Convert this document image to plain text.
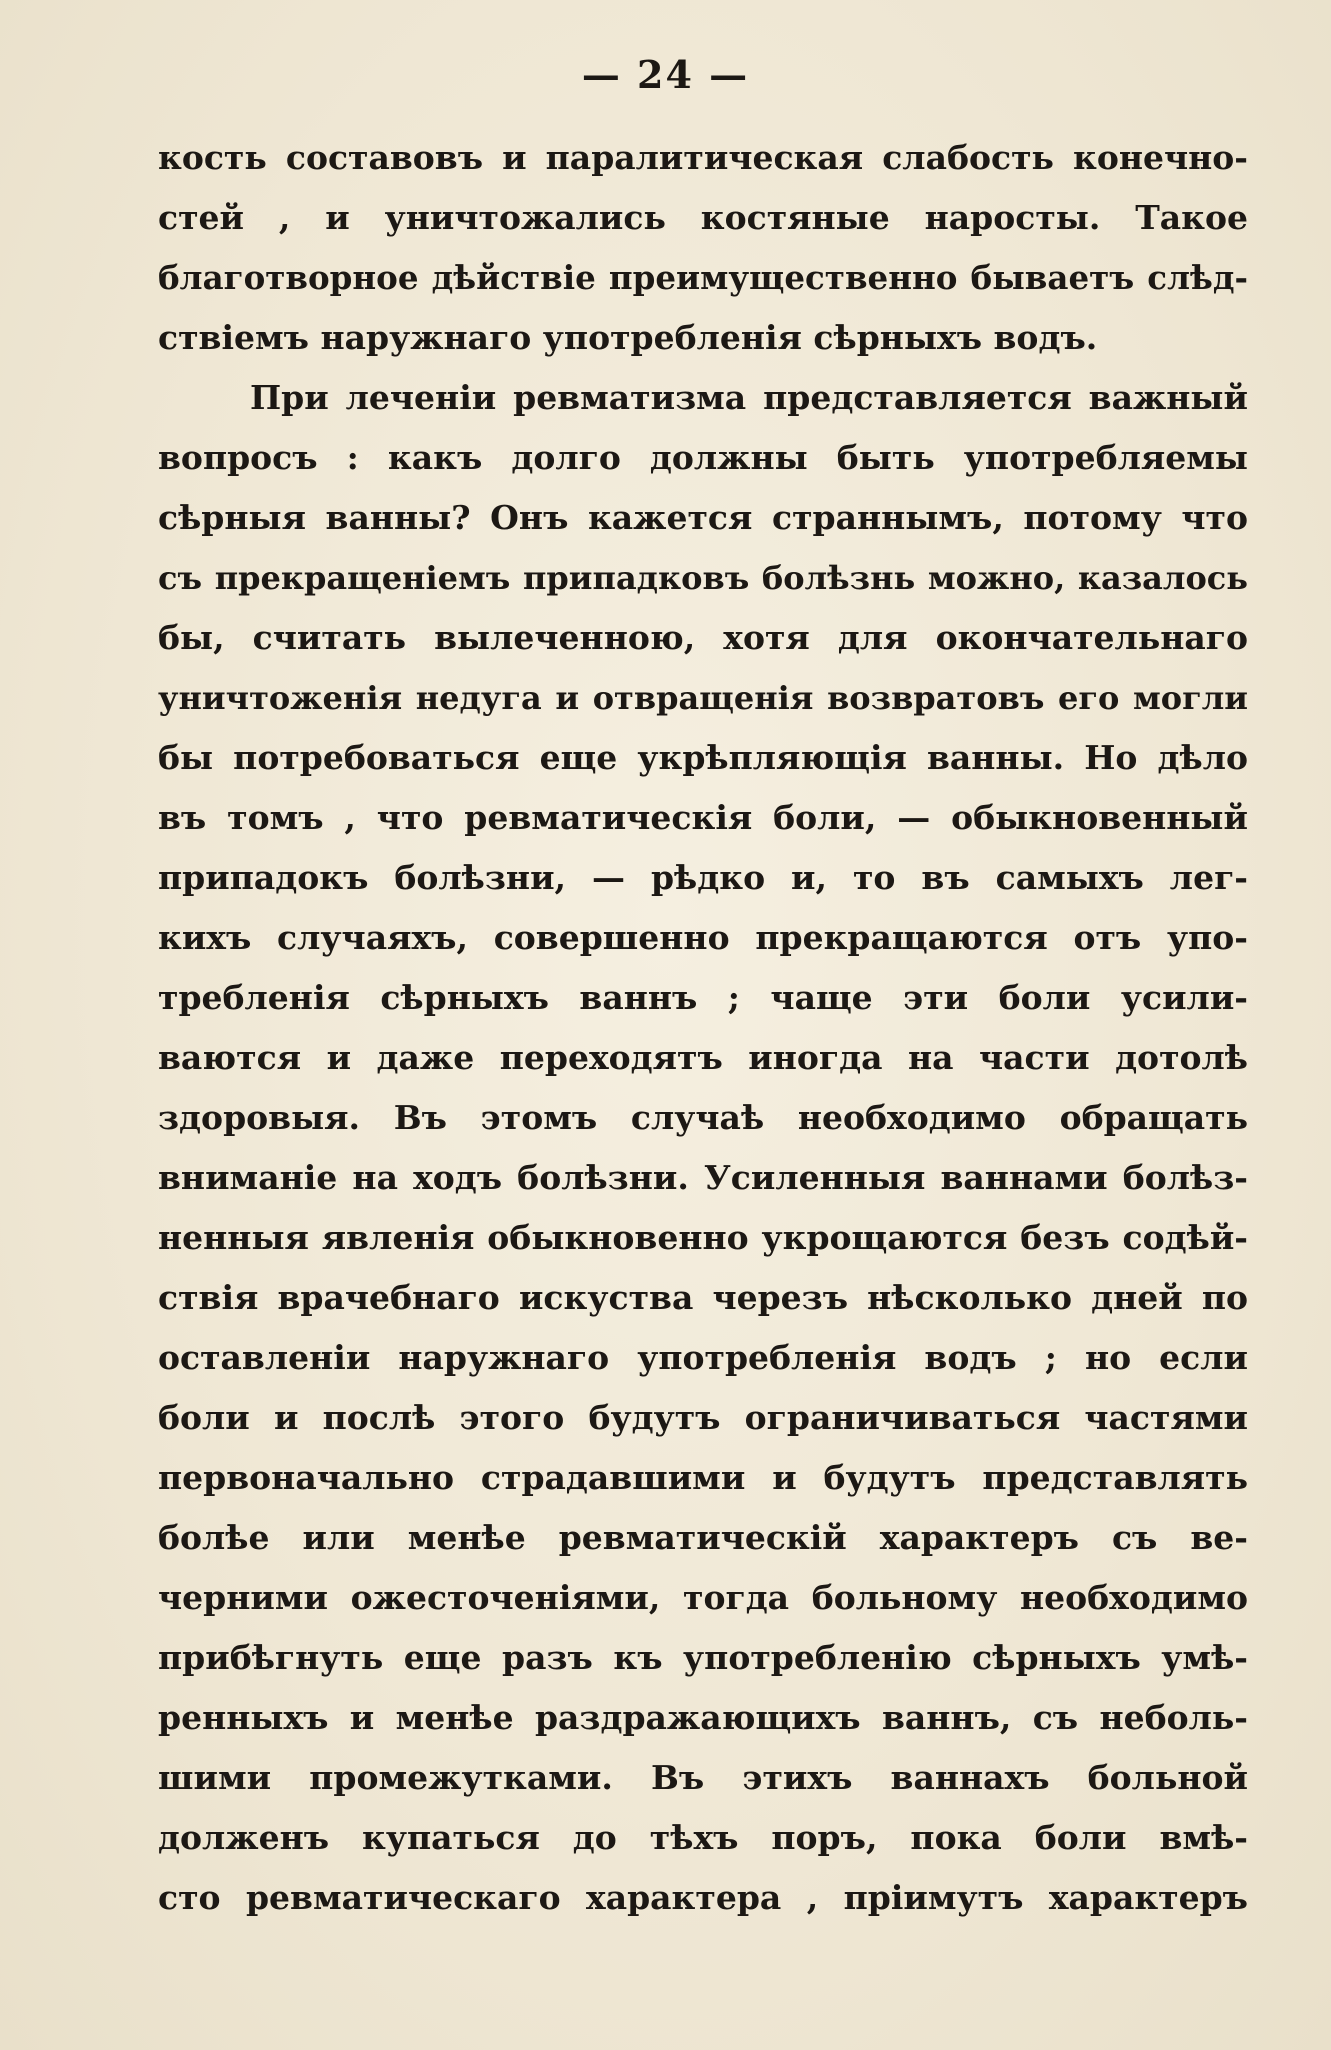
— 24 —
кость составовъ и паралитическая слабость конечно-
стей , и уничтожались костяные наросты. Такое
благотворное дѣйствіе преимущественно бываетъ слѣд-
ствіемъ наружнаго употребленія сѣрныхъ водъ.
При леченіи ревматизма представляется важный
вопросъ : какъ долго должны быть употребляемы
сѣрныя ванны? Онъ кажется страннымъ, потому что
съ прекращеніемъ припадковъ болѣзнь можно, казалось
бы, считать вылеченною, хотя для окончательнаго
уничтоженія недуга и отвращенія возвратовъ его могли
бы потребоваться еще укрѣпляющія ванны. Но дѣло
въ томъ , что ревматическія боли, — обыкновенный
припадокъ болѣзни, — рѣдко и, то въ самыхъ лег-
кихъ случаяхъ, совершенно прекращаются отъ упо-
требленія сѣрныхъ ваннъ ; чаще эти боли усили-
ваются и даже переходятъ иногда на части дотолѣ
здоровыя. Въ этомъ случаѣ необходимо обращать
вниманіе на ходъ болѣзни. Усиленныя ваннами болѣз-
ненныя явленія обыкновенно укрощаются безъ содѣй-
ствія врачебнаго искуства черезъ нѣсколько дней по
оставленіи наружнаго употребленія водъ ; но если
боли и послѣ этого будутъ ограничиваться частями
первоначально страдавшими и будутъ представлять
болѣе или менѣе ревматическій характеръ съ ве-
черними ожесточеніями, тогда больному необходимо
прибѣгнуть еще разъ къ употребленію сѣрныхъ умѣ-
ренныхъ и менѣе раздражающихъ ваннъ, съ неболь-
шими промежутками. Въ этихъ ваннахъ больной
долженъ купаться до тѣхъ поръ, пока боли вмѣ-
сто ревматическаго характера , пріимутъ характеръ
